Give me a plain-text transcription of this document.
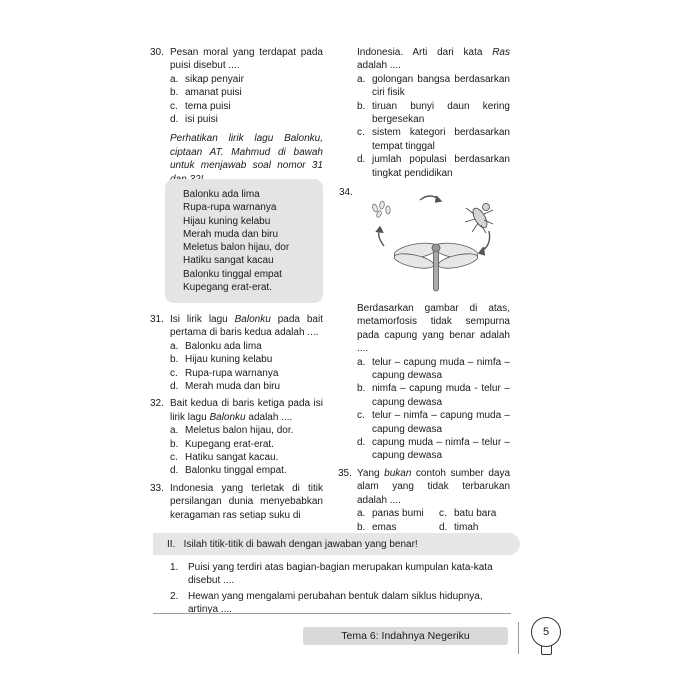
30. Pesan moral yang terdapat pada puisi disebut ....
a. sikap penyair
b. amanat puisi
c. tema puisi
d. isi puisi
Perhatikan lirik lagu Balonku, ciptaan AT. Mahmud di bawah untuk menjawab soal nomor 31
Balonku ada lima
Rupa-rupa warnanya
Hijau kuning kelabu
Merah muda dan biru
Meletus balon hijau, dor
Hatiku sangat kacau
Balonku tinggal empat
Kupegang erat-erat.
31. Isi lirik lagu Balonku pada bait pertama di baris kedua adalah ....
a. Balonku ada lima
b. Hijau kuning kelabu
c. Rupa-rupa warnanya
d. Merah muda dan biru
32. Bait kedua di baris ketiga pada isi lirik lagu Balonku adalah ....
a. Meletus balon hijau, dor.
b. Kupegang erat-erat.
c. Hatiku sangat kacau.
d. Balonku tinggal empat.
33. Indonesia yang terletak di titik persilangan dunia menyebabkan keragaman ras setiap suku di
Indonesia. Arti dari kata Ras adalah ....
a. golongan bangsa berdasarkan ciri fisik
b. tiruan bunyi daun kering bergesekan
c. sistem kategori berdasarkan tempat tinggal
d. jumlah populasi berdasarkan tingkat pendidikan
34.
Berdasarkan gambar di atas, metamorfosis tidak sempurna pada capung yang benar adalah ....
a. telur – capung muda – nimfa – capung dewasa
b. nimfa – capung muda - telur – capung dewasa
c. telur – nimfa – capung muda – capung dewasa
d. capung muda – nimfa – telur – capung dewasa
35. Yang bukan contoh sumber daya alam yang tidak terbarukan adalah ....
a. panas bumi	c. batu bara
b. emas	d. timah
II.   Isilah titik-titik di bawah dengan jawaban yang benar!
1. Puisi yang terdiri atas bagian-bagian merupakan kumpulan kata-kata disebut ....
2. Hewan yang mengalami perubahan bentuk dalam siklus hidupnya, artinya ....
Tema 6: Indahnya Negeriku	5
